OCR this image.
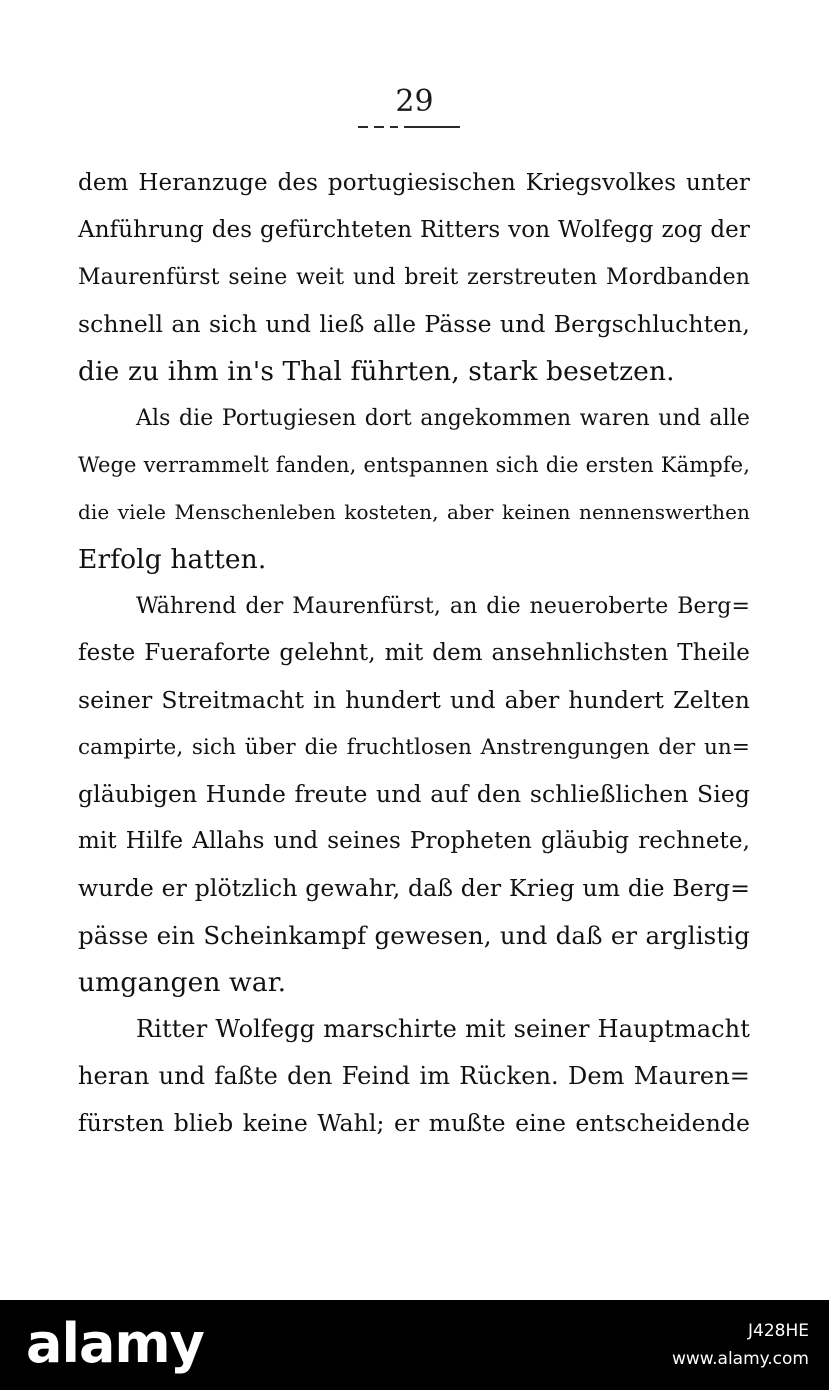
29
dem Heranzuge des portugiesischen Kriegsvolkes unter
Anführung des gefürchteten Ritters von Wolfegg zog der
Maurenfürst seine weit und breit zerstreuten Mordbanden
schnell an sich und ließ alle Pässe und Bergschluchten,
die zu ihm in's Thal führten, stark besetzen.
Als die Portugiesen dort angekommen waren und alle
Wege verrammelt fanden, entspannen sich die ersten Kämpfe,
die viele Menschenleben kosteten, aber keinen nennenswerthen
Erfolg hatten.
Während der Maurenfürst, an die neueroberte Berg=
feste Fueraforte gelehnt, mit dem ansehnlichsten Theile
seiner Streitmacht in hundert und aber hundert Zelten
campirte, sich über die fruchtlosen Anstrengungen der un=
gläubigen Hunde freute und auf den schließlichen Sieg
mit Hilfe Allahs und seines Propheten gläubig rechnete,
wurde er plötzlich gewahr, daß der Krieg um die Berg=
pässe ein Scheinkampf gewesen, und daß er arglistig
umgangen war.
Ritter Wolfegg marschirte mit seiner Hauptmacht
heran und faßte den Feind im Rücken. Dem Mauren=
fürsten blieb keine Wahl; er mußte eine entscheidende
alamy	J428HE
www.alamy.com
